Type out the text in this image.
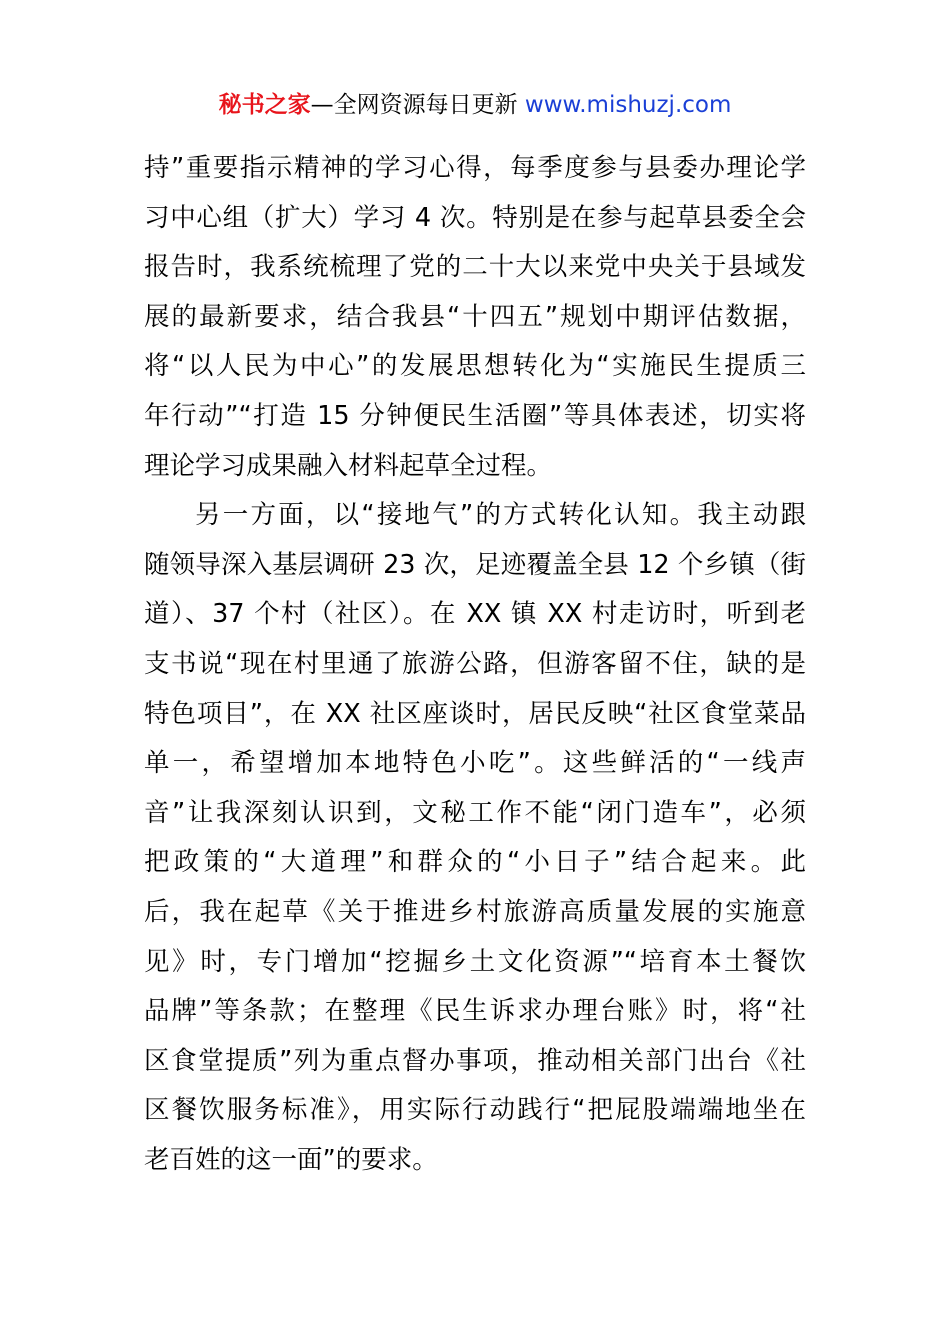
秘书之家—全网资源每日更新 www.mishuzj.com
持”重要指示精神的学习心得，每季度参与县委办理论学
习中心组（扩大）学习 4 次。特别是在参与起草县委全会
报告时，我系统梳理了党的二十大以来党中央关于县域发
展的最新要求，结合我县“十四五”规划中期评估数据，
将“以人民为中心”的发展思想转化为“实施民生提质三
年行动”“打造 15 分钟便民生活圈”等具体表述，切实将
理论学习成果融入材料起草全过程。
另一方面，以“接地气”的方式转化认知。我主动跟
随领导深入基层调研 23 次，足迹覆盖全县 12 个乡镇（街
道）、37 个村（社区）。在 XX 镇 XX 村走访时，听到老
支书说“现在村里通了旅游公路，但游客留不住，缺的是
特色项目”，在 XX 社区座谈时，居民反映“社区食堂菜品
单一，希望增加本地特色小吃”。这些鲜活的“一线声
音”让我深刻认识到，文秘工作不能“闭门造车”，必须
把政策的“大道理”和群众的“小日子”结合起来。此
后，我在起草《关于推进乡村旅游高质量发展的实施意
见》时，专门增加“挖掘乡土文化资源”“培育本土餐饮
品牌”等条款；在整理《民生诉求办理台账》时，将“社
区食堂提质”列为重点督办事项，推动相关部门出台《社
区餐饮服务标准》，用实际行动践行“把屁股端端地坐在
老百姓的这一面”的要求。
